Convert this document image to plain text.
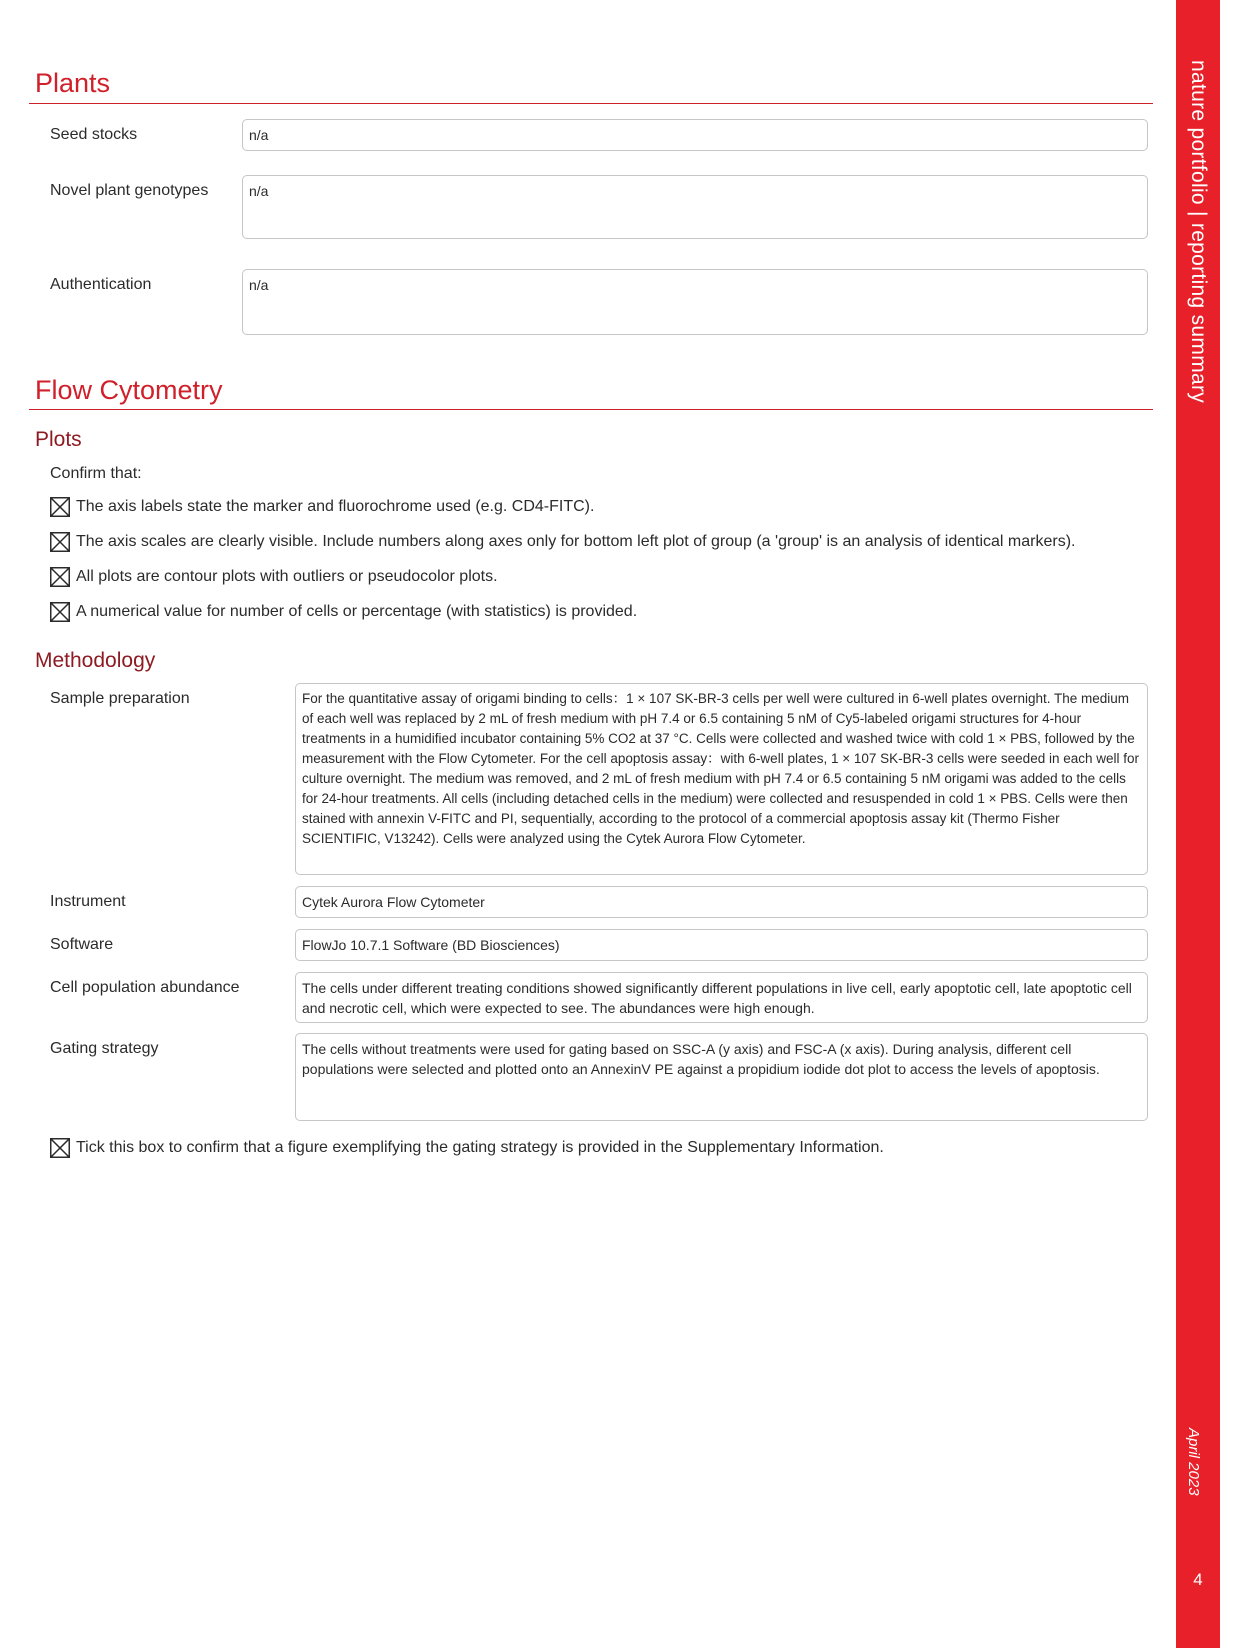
nature portfolio | reporting summary
April 2023
4
Plants
Seed stocks	n/a
Novel plant genotypes	n/a
Authentication	n/a
Flow Cytometry
Plots
Confirm that:
The axis labels state the marker and fluorochrome used (e.g. CD4-FITC).
The axis scales are clearly visible. Include numbers along axes only for bottom left plot of group (a 'group' is an analysis of identical markers).
All plots are contour plots with outliers or pseudocolor plots.
A numerical value for number of cells or percentage (with statistics) is provided.
Methodology
Sample preparation	For the quantitative assay of origami binding to cells：1 × 107 SK-BR-3 cells per well were cultured in 6-well plates overnight. The medium of each well was replaced by 2 mL of fresh medium with pH 7.4 or 6.5 containing 5 nM of Cy5-labeled origami structures for 4-hour treatments in a humidified incubator containing 5% CO2 at 37 °C. Cells were collected and washed twice with cold 1 × PBS, followed by the measurement with the Flow Cytometer. For the cell apoptosis assay：with 6-well plates, 1 × 107 SK-BR-3 cells were seeded in each well for culture overnight. The medium was removed, and 2 mL of fresh medium with pH 7.4 or 6.5 containing 5 nM origami was added to the cells for 24-hour treatments. All cells (including detached cells in the medium) were collected and resuspended in cold 1 × PBS. Cells were then stained with annexin V-FITC and PI, sequentially, according to the protocol of a commercial apoptosis assay kit (Thermo Fisher SCIENTIFIC, V13242). Cells were analyzed using the Cytek Aurora Flow Cytometer.
Instrument	Cytek Aurora Flow Cytometer
Software	FlowJo 10.7.1 Software (BD Biosciences)
Cell population abundance	The cells under different treating conditions showed significantly different populations in live cell, early apoptotic cell, late apoptotic cell and necrotic cell, which were expected to see. The abundances were high enough.
Gating strategy	The cells without treatments were used for gating based on SSC-A (y axis) and FSC-A (x axis). During analysis, different cell populations were selected and plotted onto an AnnexinV PE against a propidium iodide dot plot to access the levels of apoptosis.
Tick this box to confirm that a figure exemplifying the gating strategy is provided in the Supplementary Information.
